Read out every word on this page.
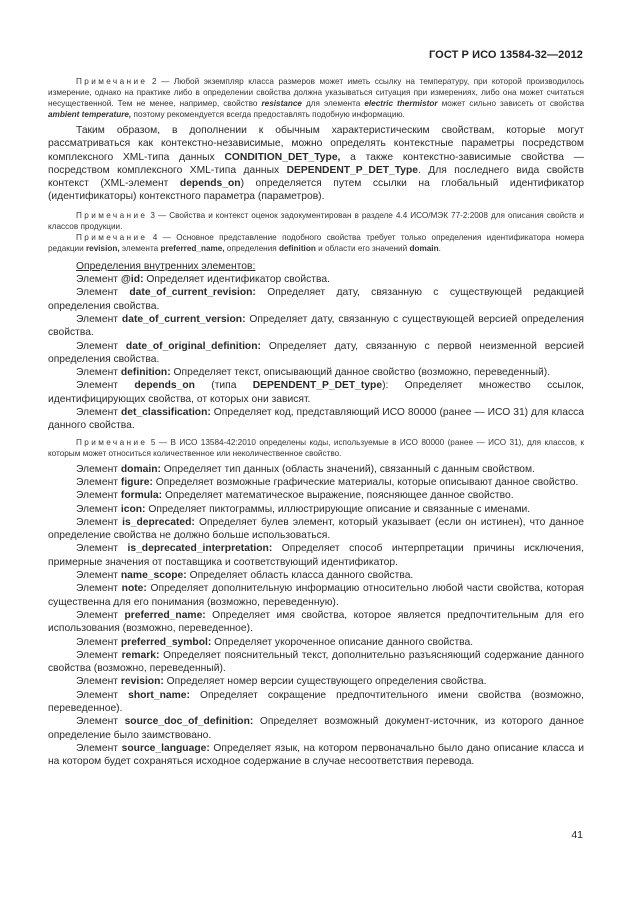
ГОСТ Р ИСО 13584-32—2012

Примечание 2 — Любой экземпляр класса размеров может иметь ссылку на температуру, при которой производилось измерение, однако на практике либо в определении свойства должна указываться ситуация при измерениях, либо она может считаться несущественной. Тем не менее, например, свойство resistance для элемента electric thermistor может сильно зависеть от свойства ambient temperature, поэтому рекомендуется всегда предоставлять подобную информацию.

Таким образом, в дополнении к обычным характеристическим свойствам, которые могут рассматриваться как контекстно-независимые, можно определять контекстные параметры посредством комплексного XML-типа данных CONDITION_DET_Type, а также контекстно-зависимые свойства — посредством комплексного XML-типа данных DEPENDENT_P_DET_Type. Для последнего вида свойств контекст (XML-элемент depends_on) определяется путем ссылки на глобальный идентификатор (идентификаторы) контекстного параметра (параметров).

Примечание 3 — Свойства и контекст оценок задокументирован в разделе 4.4 ИСО/МЭК 77-2:2008 для описания свойств и классов продукции.

Примечание 4 — Основное представление подобного свойства требует только определения идентификатора номера редакции revision, элемента preferred_name, определения definition и области его значений domain.

Определения внутренних элементов:

Элемент @id: Определяет идентификатор свойства.

Элемент date_of_current_revision: Определяет дату, связанную с существующей редакцией определения свойства.

Элемент date_of_current_version: Определяет дату, связанную с существующей версией определения свойства.

Элемент date_of_original_definition: Определяет дату, связанную с первой неизменной версией определения свойства.

Элемент definition: Определяет текст, описывающий данное свойство (возможно, переведенный).

Элемент depends_on (типа DEPENDENT_P_DET_type): Определяет множество ссылок, идентифицирующих свойства, от которых они зависят.

Элемент det_classification: Определяет код, представляющий ИСО 80000 (ранее — ИСО 31) для класса данного свойства.

Примечание 5 — В ИСО 13584-42:2010 определены коды, используемые в ИСО 80000 (ранее — ИСО 31), для классов, к которым может относиться количественное или неколичественное свойство.

Элемент domain: Определяет тип данных (область значений), связанный с данным свойством.

Элемент figure: Определяет возможные графические материалы, которые описывают данное свойство.

Элемент formula: Определяет математическое выражение, поясняющее данное свойство.

Элемент icon: Определяет пиктограммы, иллюстрирующие описание и связанные с именами.

Элемент is_deprecated: Определяет булев элемент, который указывает (если он истинен), что данное определение свойства не должно больше использоваться.

Элемент is_deprecated_interpretation: Определяет способ интерпретации причины исключения, примерные значения от поставщика и соответствующий идентификатор.

Элемент name_scope: Определяет область класса данного свойства.

Элемент note: Определяет дополнительную информацию относительно любой части свойства, которая существенна для его понимания (возможно, переведенную).

Элемент preferred_name: Определяет имя свойства, которое является предпочтительным для его использования (возможно, переведенное).

Элемент preferred_symbol: Определяет укороченное описание данного свойства.

Элемент remark: Определяет пояснительный текст, дополнительно разъясняющий содержание данного свойства (возможно, переведенный).

Элемент revision: Определяет номер версии существующего определения свойства.

Элемент short_name: Определяет сокращение предпочтительного имени свойства (возможно, переведенное).

Элемент source_doc_of_definition: Определяет возможный документ-источник, из которого данное определение было заимствовано.

Элемент source_language: Определяет язык, на котором первоначально было дано описание класса и на котором будет сохраняться исходное содержание в случае несоответствия перевода.

41
